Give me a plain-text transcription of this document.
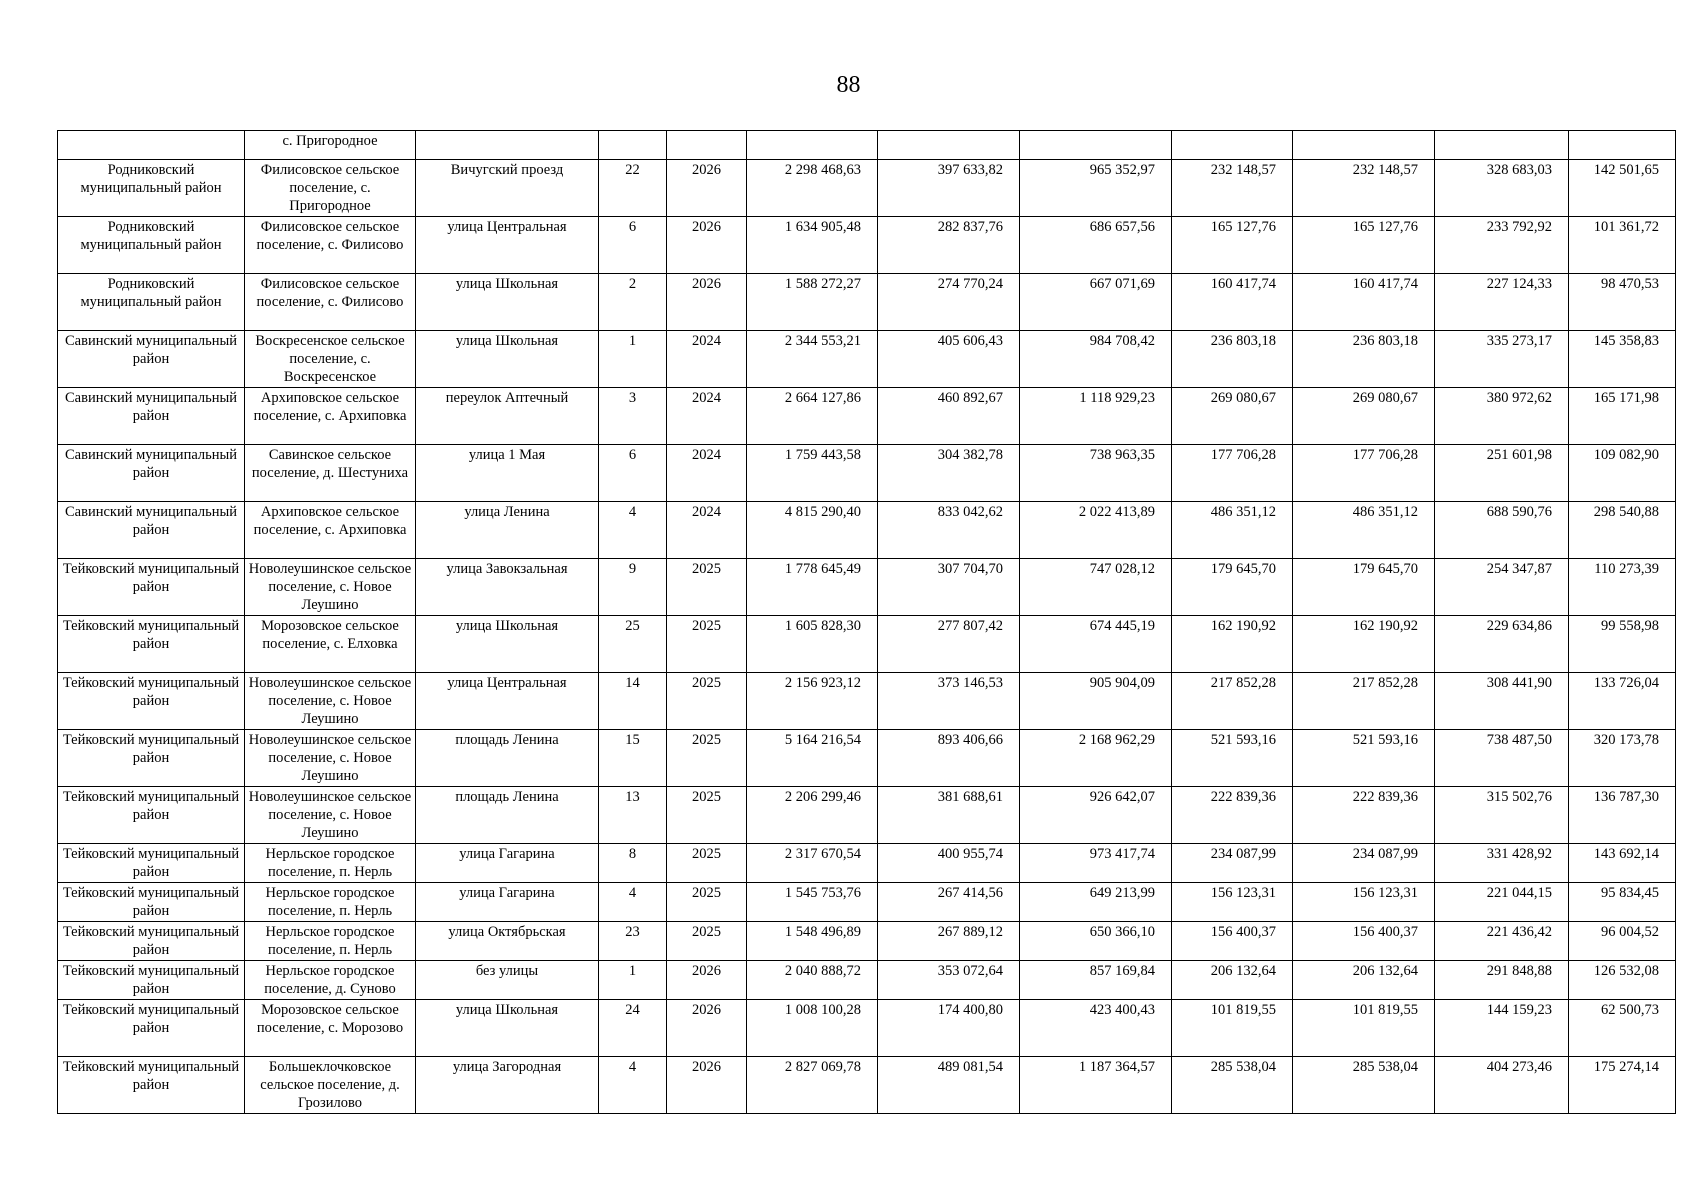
88
	с. Пригородное										
Родниковский муниципальный район	Филисовское сельское поселение, с. Пригородное	Вичугский проезд	22	2026	2 298 468,63	397 633,82	965 352,97	232 148,57	232 148,57	328 683,03	142 501,65
Родниковский муниципальный район	Филисовское сельское поселение, с. Филисово	улица Центральная	6	2026	1 634 905,48	282 837,76	686 657,56	165 127,76	165 127,76	233 792,92	101 361,72
Родниковский муниципальный район	Филисовское сельское поселение, с. Филисово	улица Школьная	2	2026	1 588 272,27	274 770,24	667 071,69	160 417,74	160 417,74	227 124,33	98 470,53
Савинский муниципальный район	Воскресенское сельское поселение, с. Воскресенское	улица Школьная	1	2024	2 344 553,21	405 606,43	984 708,42	236 803,18	236 803,18	335 273,17	145 358,83
Савинский муниципальный район	Архиповское сельское поселение, с. Архиповка	переулок Аптечный	3	2024	2 664 127,86	460 892,67	1 118 929,23	269 080,67	269 080,67	380 972,62	165 171,98
Савинский муниципальный район	Савинское сельское поселение, д. Шестуниха	улица 1 Мая	6	2024	1 759 443,58	304 382,78	738 963,35	177 706,28	177 706,28	251 601,98	109 082,90
Савинский муниципальный район	Архиповское сельское поселение, с. Архиповка	улица Ленина	4	2024	4 815 290,40	833 042,62	2 022 413,89	486 351,12	486 351,12	688 590,76	298 540,88
Тейковский муниципальный район	Новолеушинское сельское поселение, с. Новое Леушино	улица Завокзальная	9	2025	1 778 645,49	307 704,70	747 028,12	179 645,70	179 645,70	254 347,87	110 273,39
Тейковский муниципальный район	Морозовское сельское поселение, с. Елховка	улица Школьная	25	2025	1 605 828,30	277 807,42	674 445,19	162 190,92	162 190,92	229 634,86	99 558,98
Тейковский муниципальный район	Новолеушинское сельское поселение, с. Новое Леушино	улица Центральная	14	2025	2 156 923,12	373 146,53	905 904,09	217 852,28	217 852,28	308 441,90	133 726,04
Тейковский муниципальный район	Новолеушинское сельское поселение, с. Новое Леушино	площадь Ленина	15	2025	5 164 216,54	893 406,66	2 168 962,29	521 593,16	521 593,16	738 487,50	320 173,78
Тейковский муниципальный район	Новолеушинское сельское поселение, с. Новое Леушино	площадь Ленина	13	2025	2 206 299,46	381 688,61	926 642,07	222 839,36	222 839,36	315 502,76	136 787,30
Тейковский муниципальный район	Нерльское городское поселение, п. Нерль	улица Гагарина	8	2025	2 317 670,54	400 955,74	973 417,74	234 087,99	234 087,99	331 428,92	143 692,14
Тейковский муниципальный район	Нерльское городское поселение, п. Нерль	улица Гагарина	4	2025	1 545 753,76	267 414,56	649 213,99	156 123,31	156 123,31	221 044,15	95 834,45
Тейковский муниципальный район	Нерльское городское поселение, п. Нерль	улица Октябрьская	23	2025	1 548 496,89	267 889,12	650 366,10	156 400,37	156 400,37	221 436,42	96 004,52
Тейковский муниципальный район	Нерльское городское поселение, д. Суново	без улицы	1	2026	2 040 888,72	353 072,64	857 169,84	206 132,64	206 132,64	291 848,88	126 532,08
Тейковский муниципальный район	Морозовское сельское поселение, с. Морозово	улица Школьная	24	2026	1 008 100,28	174 400,80	423 400,43	101 819,55	101 819,55	144 159,23	62 500,73
Тейковский муниципальный район	Большеклочковское сельское поселение, д. Грозилово	улица Загородная	4	2026	2 827 069,78	489 081,54	1 187 364,57	285 538,04	285 538,04	404 273,46	175 274,14
